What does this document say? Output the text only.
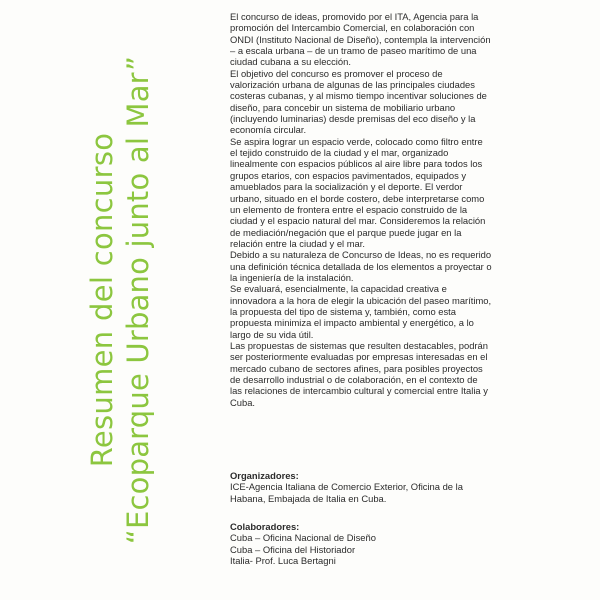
Resumen del concurso “Ecoparque Urbano junto al Mar”

El concurso de ideas, promovido por el ITA, Agencia para la promoción del Intercambio Comercial, en colaboración con ONDI (Instituto Nacional de Diseño), contempla la intervención – a escala urbana – de un tramo de paseo marítimo de una ciudad cubana a su elección.

El objetivo del concurso es promover el proceso de valorización urbana de algunas de las principales ciudades costeras cubanas, y al mismo tiempo incentivar soluciones de diseño, para concebir un sistema de mobiliario urbano (incluyendo luminarias) desde premisas del eco diseño y la economía circular.

Se aspira lograr un espacio verde, colocado como filtro entre el tejido construido de la ciudad y el mar, organizado linealmente con espacios públicos al aire libre para todos los grupos etarios, con espacios pavimentados, equipados y amueblados para la socialización y el deporte. El verdor urbano, situado en el borde costero, debe interpretarse como un elemento de frontera entre el espacio construido de la ciudad y el espacio natural del mar. Consideremos la relación de mediación/negación que el parque puede jugar en la relación entre la ciudad y el mar.

Debido a su naturaleza de Concurso de Ideas, no es requerido una definición técnica detallada de los elementos a proyectar o la ingeniería de la instalación.

Se evaluará, esencialmente, la capacidad creativa e innovadora a la hora de elegir la ubicación del paseo marítimo, la propuesta del tipo de sistema y, también, como esta propuesta minimiza el impacto ambiental y energético, a lo largo de su vida útil.

Las propuestas de sistemas que resulten destacables, podrán ser posteriormente evaluadas por empresas interesadas en el mercado cubano de sectores afines, para posibles proyectos de desarrollo industrial o de colaboración, en el contexto de las relaciones de intercambio cultural y comercial entre Italia y Cuba.

Organizadores:

ICE-Agencia Italiana de Comercio Exterior, Oficina de la Habana, Embajada de Italia en Cuba.

Colaboradores:

Cuba – Oficina Nacional de Diseño

Cuba – Oficina del Historiador

Italia- Prof. Luca Bertagni
